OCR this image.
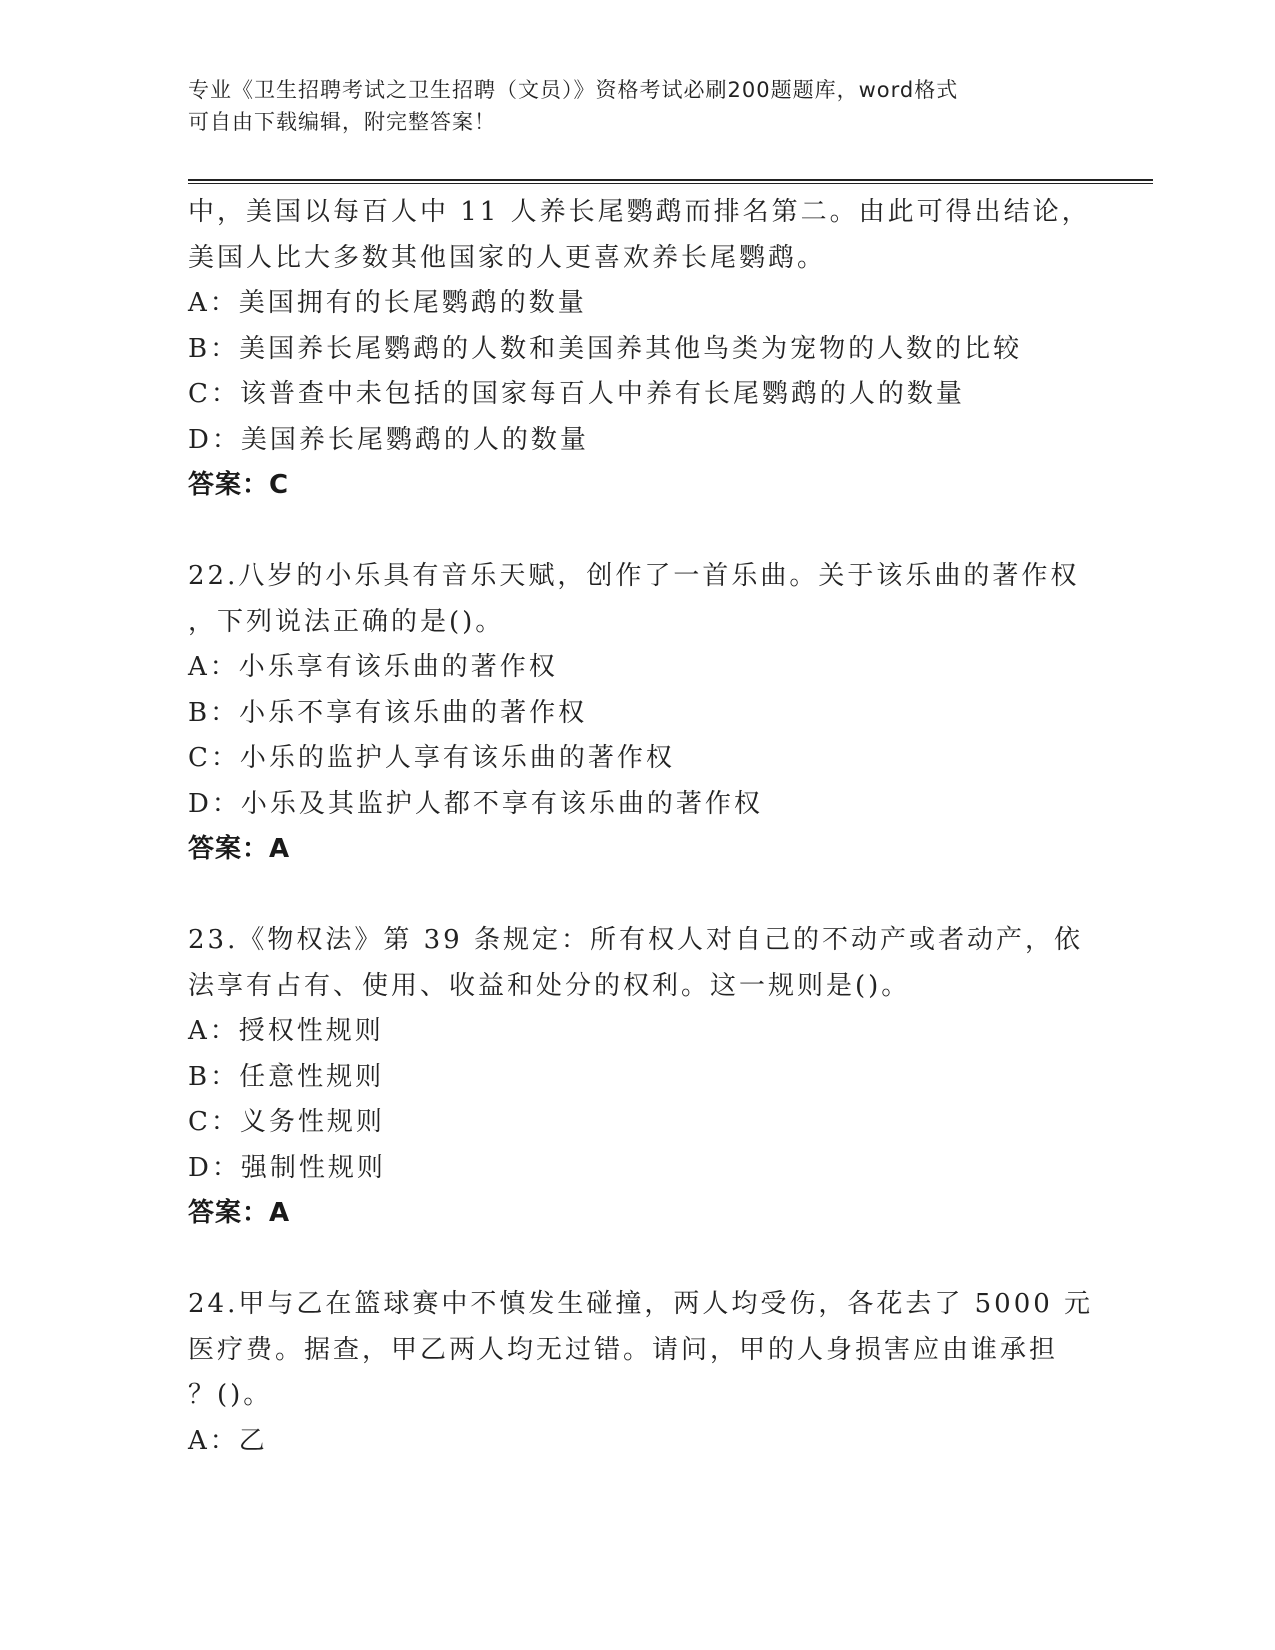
专业《卫生招聘考试之卫生招聘（文员）》资格考试必刷200题题库，word格式
可自由下载编辑，附完整答案！
中，美国以每百人中 11 人养长尾鹦鹉而排名第二。由此可得出结论，
美国人比大多数其他国家的人更喜欢养长尾鹦鹉。
A：美国拥有的长尾鹦鹉的数量
B：美国养长尾鹦鹉的人数和美国养其他鸟类为宠物的人数的比较
C：该普查中未包括的国家每百人中养有长尾鹦鹉的人的数量
D：美国养长尾鹦鹉的人的数量
答案：C
22.八岁的小乐具有音乐天赋，创作了一首乐曲。关于该乐曲的著作权
，下列说法正确的是()。
A：小乐享有该乐曲的著作权
B：小乐不享有该乐曲的著作权
C：小乐的监护人享有该乐曲的著作权
D：小乐及其监护人都不享有该乐曲的著作权
答案：A
23.《物权法》第 39 条规定：所有权人对自己的不动产或者动产，依
法享有占有、使用、收益和处分的权利。这一规则是()。
A：授权性规则
B：任意性规则
C：义务性规则
D：强制性规则
答案：A
24.甲与乙在篮球赛中不慎发生碰撞，两人均受伤，各花去了 5000 元
医疗费。据查，甲乙两人均无过错。请问，甲的人身损害应由谁承担
？()。
A：乙
